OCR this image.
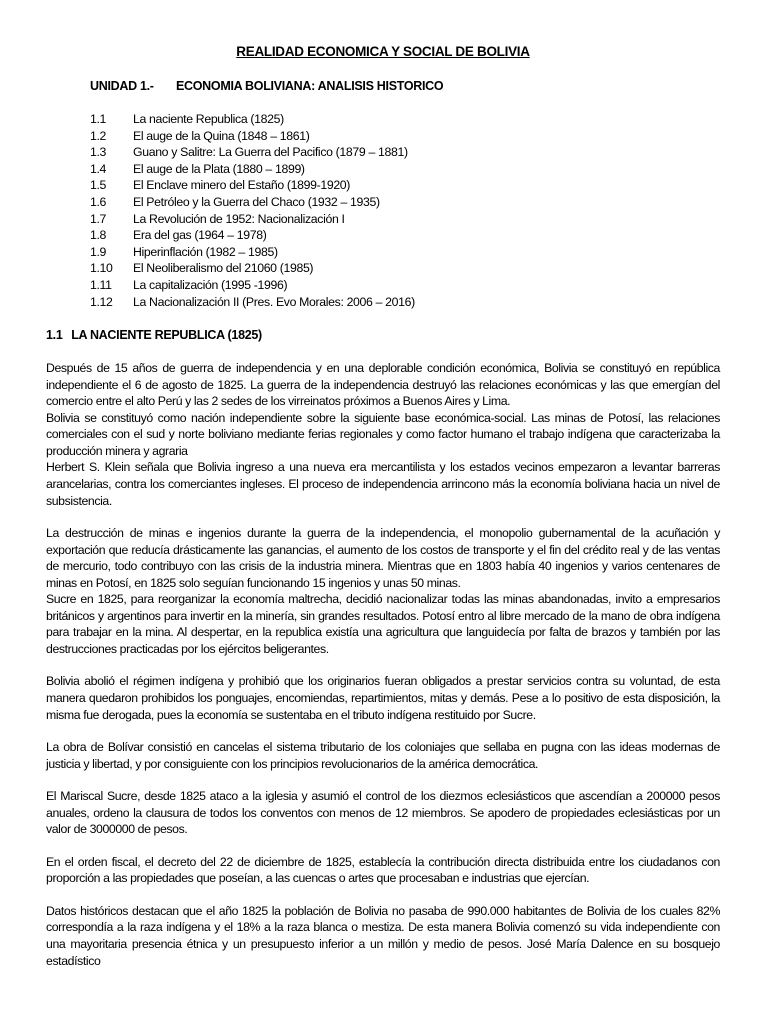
REALIDAD ECONOMICA Y SOCIAL DE BOLIVIA
UNIDAD 1.-	ECONOMIA BOLIVIANA: ANALISIS HISTORICO
1.1	La naciente Republica (1825)
1.2	El auge de la Quina (1848 – 1861)
1.3	Guano y Salitre: La Guerra del Pacifico (1879 – 1881)
1.4	El auge de la Plata (1880 – 1899)
1.5	El Enclave minero del Estaño (1899-1920)
1.6	El Petróleo y la Guerra del Chaco (1932 – 1935)
1.7	La Revolución de 1952: Nacionalización I
1.8	Era del gas (1964 – 1978)
1.9	Hiperinflación (1982 – 1985)
1.10	El Neoliberalismo del 21060 (1985)
1.11	La capitalización (1995 -1996)
1.12	La Nacionalización II (Pres. Evo Morales: 2006 – 2016)
1.1 LA NACIENTE REPUBLICA (1825)

Después de 15 años de guerra de independencia y en una deplorable condición económica, Bolivia se constituyó en república independiente el 6 de agosto de 1825. La guerra de la independencia destruyó las relaciones económicas y las que emergían del comercio entre el alto Perú y las 2 sedes de los virreinatos próximos a Buenos Aires y Lima.

Bolivia se constituyó como nación independiente sobre la siguiente base económica-social. Las minas de Potosí, las relaciones comerciales con el sud y norte boliviano mediante ferias regionales y como factor humano el trabajo indígena que caracterizaba la producción minera y agraria

Herbert S. Klein señala que Bolivia ingreso a una nueva era mercantilista y los estados vecinos empezaron a levantar barreras arancelarias, contra los comerciantes ingleses. El proceso de independencia arrincono más la economía boliviana hacia un nivel de subsistencia.

La destrucción de minas e ingenios durante la guerra de la independencia, el monopolio gubernamental de la acuñación y exportación que reducía drásticamente las ganancias, el aumento de los costos de transporte y el fin del crédito real y de las ventas de mercurio, todo contribuyo con las crisis de la industria minera. Mientras que en 1803 había 40 ingenios y varios centenares de minas en Potosí, en 1825 solo seguían funcionando 15 ingenios y unas 50 minas.

Sucre en 1825, para reorganizar la economía maltrecha, decidió nacionalizar todas las minas abandonadas, invito a empresarios británicos y argentinos para invertir en la minería, sin grandes resultados. Potosí entro al libre mercado de la mano de obra indígena para trabajar en la mina. Al despertar, en la republica existía una agricultura que languidecía por falta de brazos y también por las destrucciones practicadas por los ejércitos beligerantes.

Bolivia abolió el régimen indígena y prohibió que los originarios fueran obligados a prestar servicios contra su voluntad, de esta manera quedaron prohibidos los ponguajes, encomiendas, repartimientos, mitas y demás. Pese a lo positivo de esta disposición, la misma fue derogada, pues la economía se sustentaba en el tributo indígena restituido por Sucre.

La obra de Bolívar consistió en cancelas el sistema tributario de los coloniajes que sellaba en pugna con las ideas modernas de justicia y libertad, y por consiguiente con los principios revolucionarios de la américa democrática.

El Mariscal Sucre, desde 1825 ataco a la iglesia y asumió el control de los diezmos eclesiásticos que ascendían a 200000 pesos anuales, ordeno la clausura de todos los conventos con menos de 12 miembros. Se apodero de propiedades eclesiásticas por un valor de 3000000 de pesos.

En el orden fiscal, el decreto del 22 de diciembre de 1825, establecía la contribución directa distribuida entre los ciudadanos con proporción a las propiedades que poseían, a las cuencas o artes que procesaban e industrias que ejercían.

Datos históricos destacan que el año 1825 la población de Bolivia no pasaba de 990.000 habitantes de Bolivia de los cuales 82% correspondía a la raza indígena y el 18% a la raza blanca o mestiza. De esta manera Bolivia comenzó su vida independiente con una mayoritaria presencia étnica y un presupuesto inferior a un millón y medio de pesos. José María Dalence en su bosquejo estadístico
